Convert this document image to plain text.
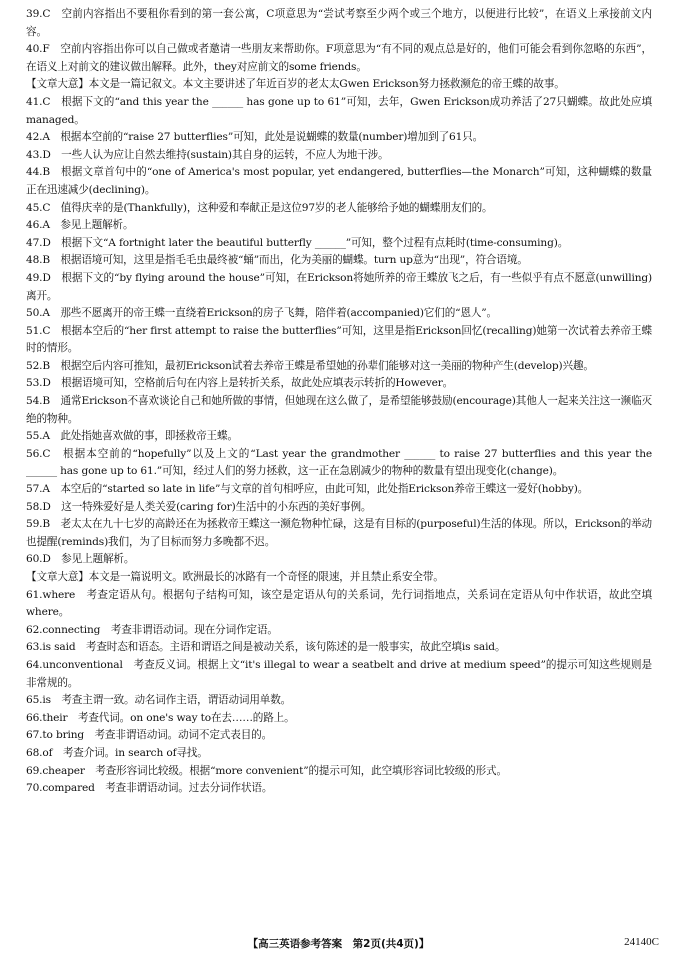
39.C　空前内容指出不要租你看到的第一套公寓，C项意思为“尝试考察至少两个或三个地方，以便进行比较”，在语义上承接前文内容。

40.F　空前内容指出你可以自己做或者邀请一些朋友来帮助你。F项意思为“有不同的观点总是好的，他们可能会看到你忽略的东西”，在语义上对前文的建议做出解释。此外，they对应前文的some friends。

【文章大意】本文是一篇记叙文。本文主要讲述了年近百岁的老太太Gwen Erickson努力拯救濒危的帝王蝶的故事。

41.C　根据下文的“and this year the ______ has gone up to 61”可知，去年，Gwen Erickson成功养活了27只蝴蝶。故此处应填managed。

42.A　根据本空前的“raise 27 butterflies”可知，此处是说蝴蝶的数量(number)增加到了61只。

43.D　一些人认为应让自然去维持(sustain)其自身的运转，不应人为地干涉。

44.B　根据文章首句中的“one of America's most popular, yet endangered, butterflies—the Monarch”可知，这种蝴蝶的数量正在迅速减少(declining)。

45.C　值得庆幸的是(Thankfully)，这种爱和奉献正是这位97岁的老人能够给予她的蝴蝶朋友们的。

46.A　参见上题解析。

47.D　根据下文“A fortnight later the beautiful butterfly ______”可知，整个过程有点耗时(time-consuming)。

48.B　根据语境可知，这里是指毛毛虫最终被“蛹”而出，化为美丽的蝴蝶。turn up意为“出现”，符合语境。

49.D　根据下文的“by flying around the house”可知，在Erickson将她所养的帝王蝶放飞之后，有一些似乎有点不愿意(unwilling)离开。

50.A　那些不愿离开的帝王蝶一直绕着Erickson的房子飞舞，陪伴着(accompanied)它们的“恩人”。

51.C　根据本空后的“her first attempt to raise the butterflies”可知，这里是指Erickson回忆(recalling)她第一次试着去养帝王蝶时的情形。

52.B　根据空后内容可推知，最初Erickson试着去养帝王蝶是希望她的孙辈们能够对这一美丽的物种产生(develop)兴趣。

53.D　根据语境可知，空格前后句在内容上是转折关系，故此处应填表示转折的However。

54.B　通常Erickson不喜欢谈论自己和她所做的事情，但她现在这么做了，是希望能够鼓励(encourage)其他人一起来关注这一濒临灭绝的物种。

55.A　此处指她喜欢做的事，即拯救帝王蝶。

56.C　根据本空前的“hopefully”以及上文的“Last year the grandmother ______ to raise 27 butterflies and this year the ______ has gone up to 61.”可知，经过人们的努力拯救，这一正在急剧减少的物种的数量有望出现变化(change)。

57.A　本空后的“started so late in life”与文章的首句相呼应，由此可知，此处指Erickson养帝王蝶这一爱好(hobby)。

58.D　这一特殊爱好是人类关爱(caring for)生活中的小东西的美好事例。

59.B　老太太在九十七岁的高龄还在为拯救帝王蝶这一濒危物种忙碌，这是有目标的(purposeful)生活的体现。所以，Erickson的举动也提醒(reminds)我们，为了目标而努力多晚都不迟。

60.D　参见上题解析。

【文章大意】本文是一篇说明文。欧洲最长的冰路有一个奇怪的限速，并且禁止系安全带。

61.where　考查定语从句。根据句子结构可知，该空是定语从句的关系词，先行词指地点，关系词在定语从句中作状语，故此空填where。

62.connecting　考查非谓语动词。现在分词作定语。

63.is said　考查时态和语态。主语和谓语之间是被动关系，该句陈述的是一般事实，故此空填is said。

64.unconventional　考查反义词。根据上文“it's illegal to wear a seatbelt and drive at medium speed”的提示可知这些规则是非常规的。

65.is　考查主谓一致。动名词作主语，谓语动词用单数。

66.their　考查代词。on one's way to在去……的路上。

67.to bring　考查非谓语动词。动词不定式表目的。

68.of　考查介词。in search of寻找。

69.cheaper　考查形容词比较级。根据“more convenient”的提示可知，此空填形容词比较级的形式。

70.compared　考查非谓语动词。过去分词作状语。

【高三英语参考答案　第2页(共4页)】	24140C
